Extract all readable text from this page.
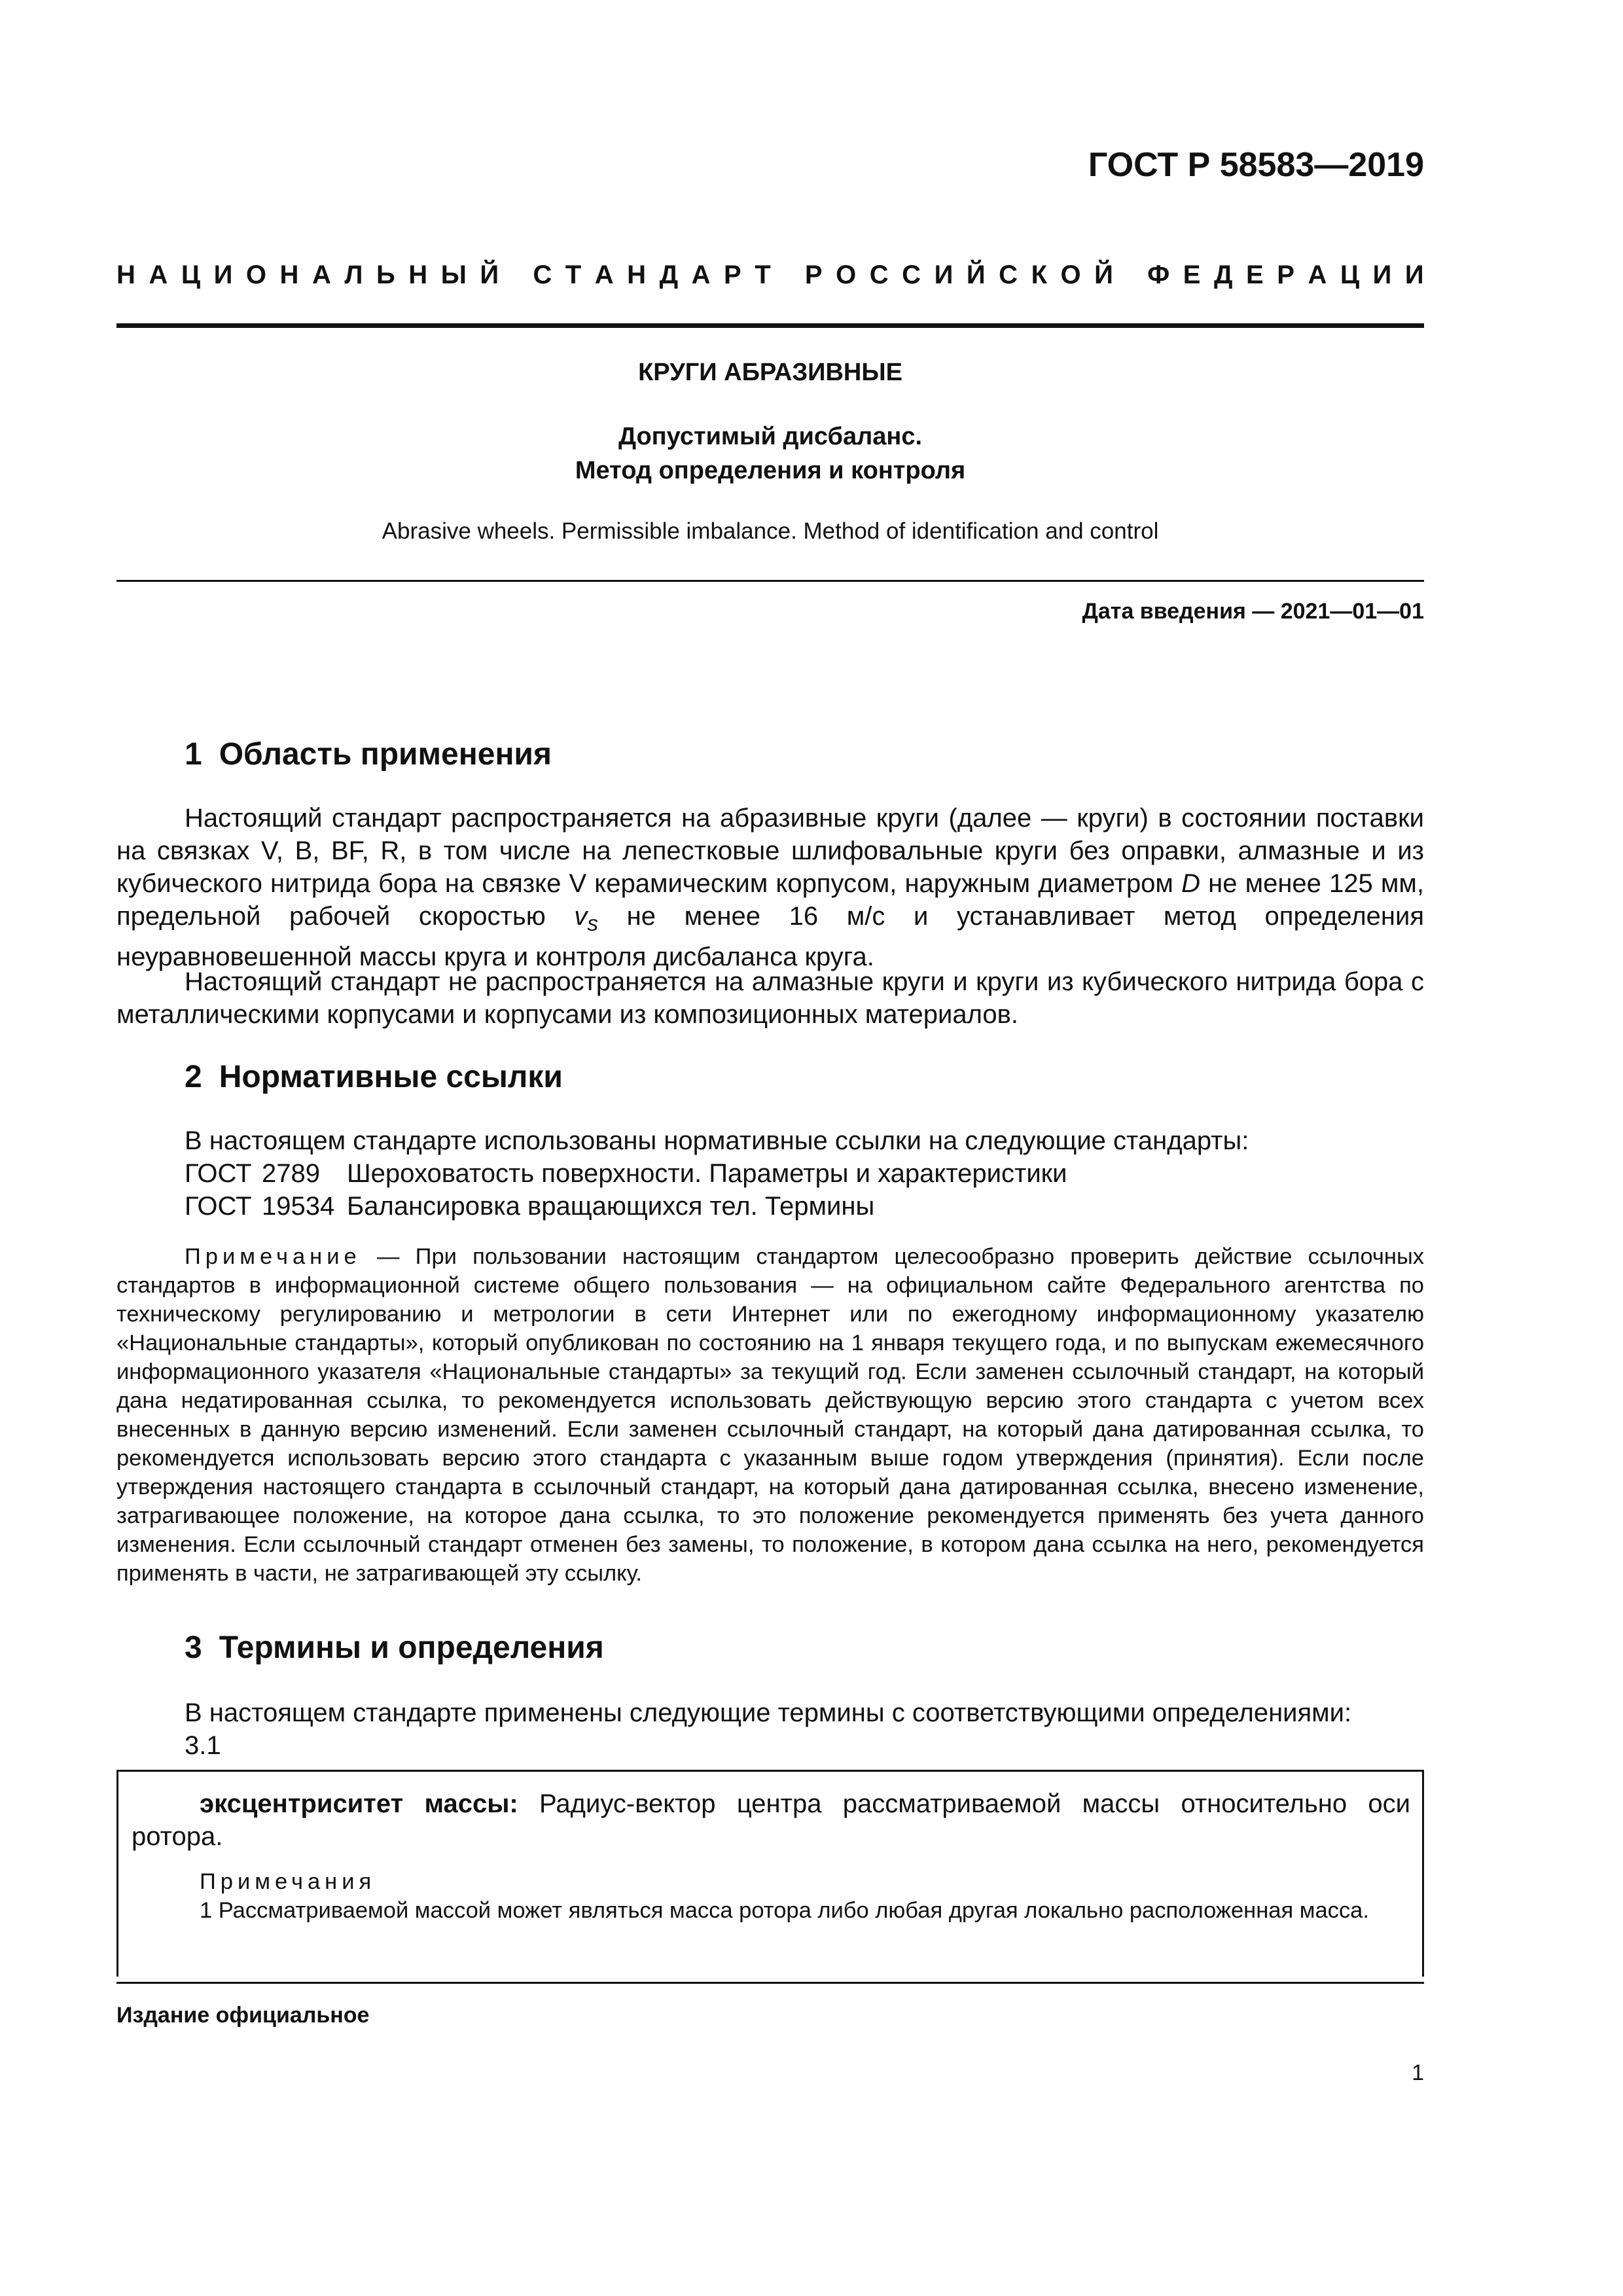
ГОСТ Р 58583—2019
Н А Ц И О Н А Л Ь Н Ы Й
С Т А Н Д А Р Т
Р О С С И Й С К О Й
Ф Е Д Е Р А Ц И И
КРУГИ АБРАЗИВНЫЕ
Допустимый дисбаланс.
Метод определения и контроля
Abrasive wheels. Permissible imbalance. Method of identification and control
Дата введения — 2021—01—01
1 Область применения
Настоящий стандарт распространяется на абразивные круги (далее — круги) в состоянии поставки на связках V, B, BF, R, в том числе на лепестковые шлифовальные круги без оправки, алмазные и из кубического нитрида бора на связке V керамическим корпусом, наружным диаметром D не менее 125 мм, предельной рабочей скоростью $v_s$ не менее 16 м/с и устанавливает метод определения неуравновешенной массы круга и контроля дисбаланса круга.
Настоящий стандарт не распространяется на алмазные круги и круги из кубического нитрида бора с металлическими корпусами и корпусами из композиционных материалов.
2 Нормативные ссылки
В настоящем стандарте использованы нормативные ссылки на следующие стандарты:
ГОСТ 2789 Шероховатость поверхности. Параметры и характеристики
ГОСТ 19534 Балансировка вращающихся тел. Термины
Примечание — При пользовании настоящим стандартом целесообразно проверить действие ссылочных стандартов в информационной системе общего пользования — на официальном сайте Федерального агентства по техническому регулированию и метрологии в сети Интернет или по ежегодному информационному указателю «Национальные стандарты», который опубликован по состоянию на 1 января текущего года, и по выпускам ежемесячного информационного указателя «Национальные стандарты» за текущий год. Если заменен ссылочный стандарт, на который дана недатированная ссылка, то рекомендуется использовать действующую версию этого стандарта с учетом всех внесенных в данную версию изменений. Если заменен ссылочный стандарт, на который дана датированная ссылка, то рекомендуется использовать версию этого стандарта с указанным выше годом утверждения (принятия). Если после утверждения настоящего стандарта в ссылочный стандарт, на который дана датированная ссылка, внесено изменение, затрагивающее положение, на которое дана ссылка, то это положение рекомендуется применять без учета данного изменения. Если ссылочный стандарт отменен без замены, то положение, в котором дана ссылка на него, рекомендуется применять в части, не затрагивающей эту ссылку.
3 Термины и определения
В настоящем стандарте применены следующие термины с соответствующими определениями:
3.1
эксцентриситет массы: Радиус-вектор центра рассматриваемой массы относительно оси ротора.
Примечания
1 Рассматриваемой массой может являться масса ротора либо любая другая локально расположенная масса.
Издание официальное
1
